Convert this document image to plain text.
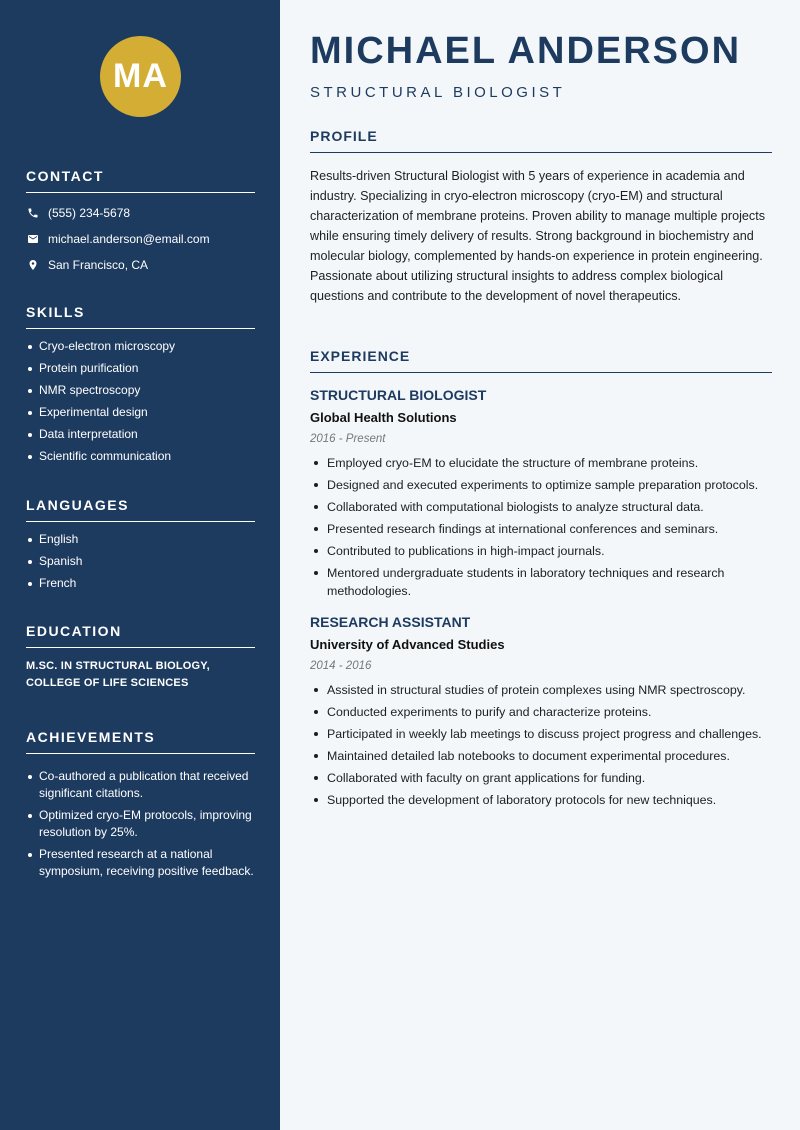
MA
CONTACT
(555) 234-5678
michael.anderson@email.com
San Francisco, CA
SKILLS
Cryo-electron microscopy
Protein purification
NMR spectroscopy
Experimental design
Data interpretation
Scientific communication
LANGUAGES
English
Spanish
French
EDUCATION
M.SC. IN STRUCTURAL BIOLOGY,
COLLEGE OF LIFE SCIENCES
ACHIEVEMENTS
Co-authored a publication that received significant citations.
Optimized cryo-EM protocols, improving resolution by 25%.
Presented research at a national symposium, receiving positive feedback.
MICHAEL ANDERSON
STRUCTURAL BIOLOGIST
PROFILE

Results-driven Structural Biologist with 5 years of experience in academia and industry. Specializing in cryo-electron microscopy (cryo-EM) and structural characterization of membrane proteins. Proven ability to manage multiple projects while ensuring timely delivery of results. Strong background in biochemistry and molecular biology, complemented by hands-on experience in protein engineering. Passionate about utilizing structural insights to address complex biological questions and contribute to the development of novel therapeutics.

EXPERIENCE
STRUCTURAL BIOLOGIST
Global Health Solutions
2016 - Present
Employed cryo-EM to elucidate the structure of membrane proteins.
Designed and executed experiments to optimize sample preparation protocols.
Collaborated with computational biologists to analyze structural data.
Presented research findings at international conferences and seminars.
Contributed to publications in high-impact journals.
Mentored undergraduate students in laboratory techniques and research methodologies.
RESEARCH ASSISTANT
University of Advanced Studies
2014 - 2016
Assisted in structural studies of protein complexes using NMR spectroscopy.
Conducted experiments to purify and characterize proteins.
Participated in weekly lab meetings to discuss project progress and challenges.
Maintained detailed lab notebooks to document experimental procedures.
Collaborated with faculty on grant applications for funding.
Supported the development of laboratory protocols for new techniques.
